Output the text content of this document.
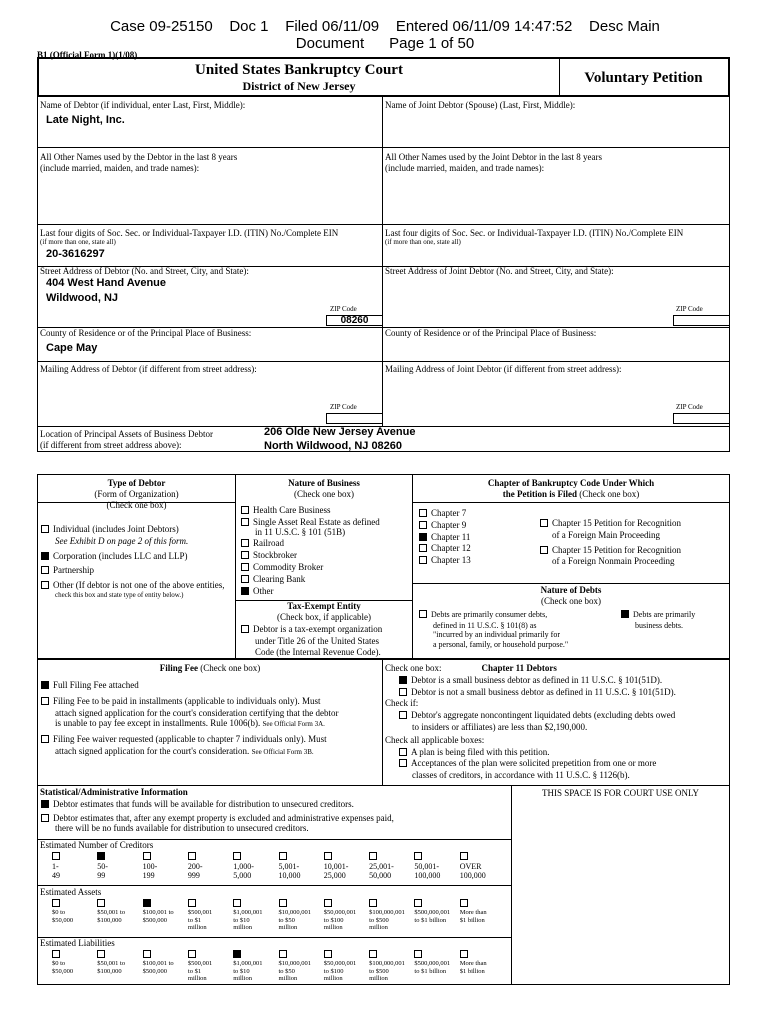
Case 09-25150    Doc 1    Filed 06/11/09    Entered 06/11/09 14:47:52    Desc Main
Document      Page 1 of 50
B1 (Official Form 1)(1/08)
United States Bankruptcy Court
District of New Jersey	Voluntary Petition
Name of Debtor (if individual, enter Last, First, Middle):
Late Night, Inc.
Name of Joint Debtor (Spouse) (Last, First, Middle):
All Other Names used by the Debtor in the last 8 years
(include married, maiden, and trade names):
All Other Names used by the Joint Debtor in the last 8 years
(include married, maiden, and trade names):
Last four digits of Soc. Sec. or Individual-Taxpayer I.D. (ITIN) No./Complete EIN
(if more than one, state all)
20-3616297
Last four digits of Soc. Sec. or Individual-Taxpayer I.D. (ITIN) No./Complete EIN
(if more than one, state all)
Street Address of Debtor (No. and Street, City, and State):
404 West Hand Avenue
Wildwood, NJ
ZIP Code
08260
Street Address of Joint Debtor (No. and Street, City, and State):
ZIP Code
County of Residence or of the Principal Place of Business:
Cape May
County of Residence or of the Principal Place of Business:
Mailing Address of Debtor (if different from street address):
ZIP Code
Mailing Address of Joint Debtor (if different from street address):
ZIP Code
Location of Principal Assets of Business Debtor
(if different from street address above):
206 Olde New Jersey Avenue
North Wildwood, NJ 08260
Type of Debtor
(Form of Organization)
(Check one box)
Individual (includes Joint Debtors)
See Exhibit D on page 2 of this form.
Corporation (includes LLC and LLP)
Partnership
Other (If debtor is not one of the above entities,
check this box and state type of entity below.)
Nature of Business
(Check one box)
Health Care Business
Single Asset Real Estate as defined
in 11 U.S.C. § 101 (51B)
Railroad
Stockbroker
Commodity Broker
Clearing Bank
Other
Tax-Exempt Entity
(Check box, if applicable)
Debtor is a tax-exempt organization
under Title 26 of the United States
Code (the Internal Revenue Code).
Chapter of Bankruptcy Code Under Which
the Petition is Filed (Check one box)
Chapter 7
Chapter 9
Chapter 11
Chapter 12
Chapter 13
Chapter 15 Petition for Recognition
of a Foreign Main Proceeding
Chapter 15 Petition for Recognition
of a Foreign Nonmain Proceeding
Nature of Debts
(Check one box)
Debts are primarily consumer debts,
defined in 11 U.S.C. § 101(8) as
"incurred by an individual primarily for
a personal, family, or household purpose."
Debts are primarily
business debts.
Filing Fee (Check one box)
Full Filing Fee attached
Filing Fee to be paid in installments (applicable to individuals only). Must
attach signed application for the court's consideration certifying that the debtor
is unable to pay fee except in installments. Rule 1006(b). See Official Form 3A.
Filing Fee waiver requested (applicable to chapter 7 individuals only). Must
attach signed application for the court's consideration. See Official Form 3B.
Check one box:	Chapter 11 Debtors
Debtor is a small business debtor as defined in 11 U.S.C. § 101(51D).
Debtor is not a small business debtor as defined in 11 U.S.C. § 101(51D).
Check if:
Debtor's aggregate noncontingent liquidated debts (excluding debts owed
to insiders or affiliates) are less than $2,190,000.
Check all applicable boxes:
A plan is being filed with this petition.
Acceptances of the plan were solicited prepetition from one or more
classes of creditors, in accordance with 11 U.S.C. § 1126(b).
THIS SPACE IS FOR COURT USE ONLY
Statistical/Administrative Information
Debtor estimates that funds will be available for distribution to unsecured creditors.
Debtor estimates that, after any exempt property is excluded and administrative expenses paid,
there will be no funds available for distribution to unsecured creditors.
Estimated Number of Creditors
1-
49
50-
99
100-
199
200-
999
1,000-
5,000
5,001-
10,000
10,001-
25,000
25,001-
50,000
50,001-
100,000
OVER
100,000
Estimated Assets
$0 to
$50,000
$50,001 to
$100,000
$100,001 to
$500,000
$500,001
to $1
million
$1,000,001
to $10
million
$10,000,001
to $50
million
$50,000,001
to $100
million
$100,000,001
to $500
million
$500,000,001
to $1 billion
More than
$1 billion
Estimated Liabilities
$0 to
$50,000
$50,001 to
$100,000
$100,001 to
$500,000
$500,001
to $1
million
$1,000,001
to $10
million
$10,000,001
to $50
million
$50,000,001
to $100
million
$100,000,001
to $500
million
$500,000,001
to $1 billion
More than
$1 billion
